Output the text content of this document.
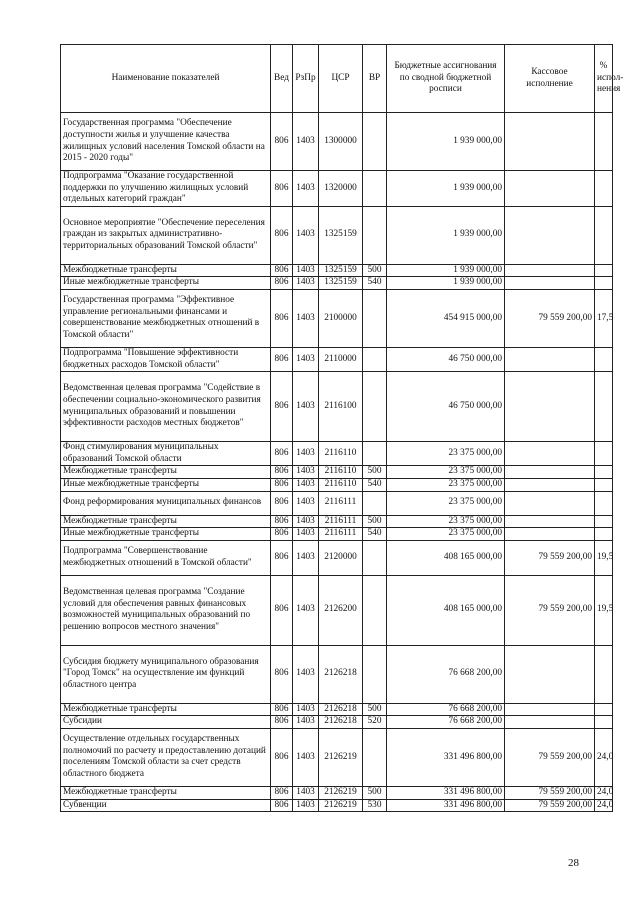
Наименование показателей	Вед	РзПр	ЦСР	ВР	Бюджетные ассигнования по сводной бюджетной росписи	Кассовое исполнение	% испол-нения
Государственная программа "Обеспечение доступности жилья и улучшение качества жилищных условий населения Томской области на 2015 - 2020 годы"	806	1403	1300000		1 939 000,00		
Подпрограмма "Оказание государственной поддержки по улучшению жилищных условий отдельных категорий граждан"	806	1403	1320000		1 939 000,00		
Основное мероприятие "Обеспечение переселения граждан из закрытых административно-территориальных образований Томской области"	806	1403	1325159		1 939 000,00		
Межбюджетные трансферты	806	1403	1325159	500	1 939 000,00		
Иные межбюджетные трансферты	806	1403	1325159	540	1 939 000,00		
Государственная программа "Эффективное управление региональными финансами и совершенствование межбюджетных отношений в Томской области"	806	1403	2100000		454 915 000,00	79 559 200,00	17,5
Подпрограмма "Повышение эффективности бюджетных расходов Томской области"	806	1403	2110000		46 750 000,00		
Ведомственная целевая программа "Содействие в обеспечении социально-экономического развития муниципальных образований и повышении эффективности расходов местных бюджетов"	806	1403	2116100		46 750 000,00		
Фонд стимулирования муниципальных образований Томской области	806	1403	2116110		23 375 000,00		
Межбюджетные трансферты	806	1403	2116110	500	23 375 000,00		
Иные межбюджетные трансферты	806	1403	2116110	540	23 375 000,00		
Фонд реформирования муниципальных финансов	806	1403	2116111		23 375 000,00		
Межбюджетные трансферты	806	1403	2116111	500	23 375 000,00		
Иные межбюджетные трансферты	806	1403	2116111	540	23 375 000,00		
Подпрограмма "Совершенствование межбюджетных отношений в Томской области"	806	1403	2120000		408 165 000,00	79 559 200,00	19,5
Ведомственная целевая программа "Создание условий для обеспечения равных финансовых возможностей муниципальных образований по решению вопросов местного значения"	806	1403	2126200		408 165 000,00	79 559 200,00	19,5
Субсидия бюджету муниципального образования "Город Томск" на осуществление им функций областного центра	806	1403	2126218		76 668 200,00		
Межбюджетные трансферты	806	1403	2126218	500	76 668 200,00		
Субсидии	806	1403	2126218	520	76 668 200,00		
Осуществление отдельных государственных полномочий по расчету и предоставлению дотаций поселениям Томской области за счет средств областного бюджета	806	1403	2126219		331 496 800,00	79 559 200,00	24,0
Межбюджетные трансферты	806	1403	2126219	500	331 496 800,00	79 559 200,00	24,0
Субвенции	806	1403	2126219	530	331 496 800,00	79 559 200,00	24,0
28
